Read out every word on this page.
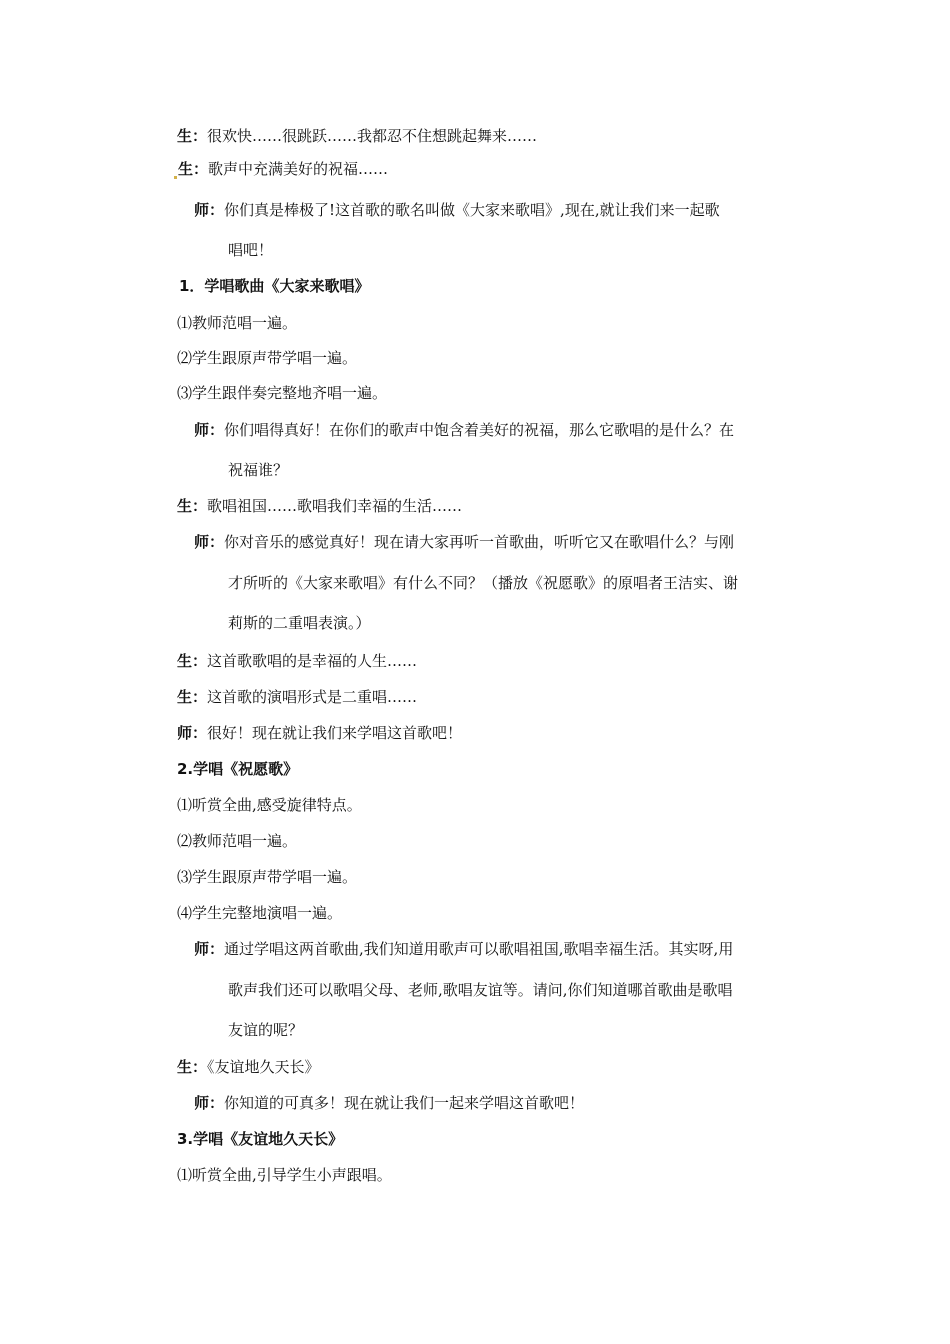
生：很欢快……很跳跃……我都忍不住想跳起舞来……
生：歌声中充满美好的祝福……
师：你们真是棒极了!这首歌的歌名叫做《大家来歌唱》,现在,就让我们来一起歌
唱吧！
1．学唱歌曲《大家来歌唱》
⑴教师范唱一遍。
⑵学生跟原声带学唱一遍。
⑶学生跟伴奏完整地齐唱一遍。
师：你们唱得真好！在你们的歌声中饱含着美好的祝福，那么它歌唱的是什么？在
祝福谁？
生：歌唱祖国……歌唱我们幸福的生活……
师：你对音乐的感觉真好！现在请大家再听一首歌曲，听听它又在歌唱什么？与刚
才所听的《大家来歌唱》有什么不同？（播放《祝愿歌》的原唱者王洁实、谢
莉斯的二重唱表演。）
生：这首歌歌唱的是幸福的人生……
生：这首歌的演唱形式是二重唱……
师：很好！现在就让我们来学唱这首歌吧！
2.学唱《祝愿歌》
⑴听赏全曲,感受旋律特点。
⑵教师范唱一遍。
⑶学生跟原声带学唱一遍。
⑷学生完整地演唱一遍。
师：通过学唱这两首歌曲,我们知道用歌声可以歌唱祖国,歌唱幸福生活。其实呀,用
歌声我们还可以歌唱父母、老师,歌唱友谊等。请问,你们知道哪首歌曲是歌唱
友谊的呢？
生：《友谊地久天长》
师：你知道的可真多！现在就让我们一起来学唱这首歌吧！
3.学唱《友谊地久天长》
⑴听赏全曲,引导学生小声跟唱。
